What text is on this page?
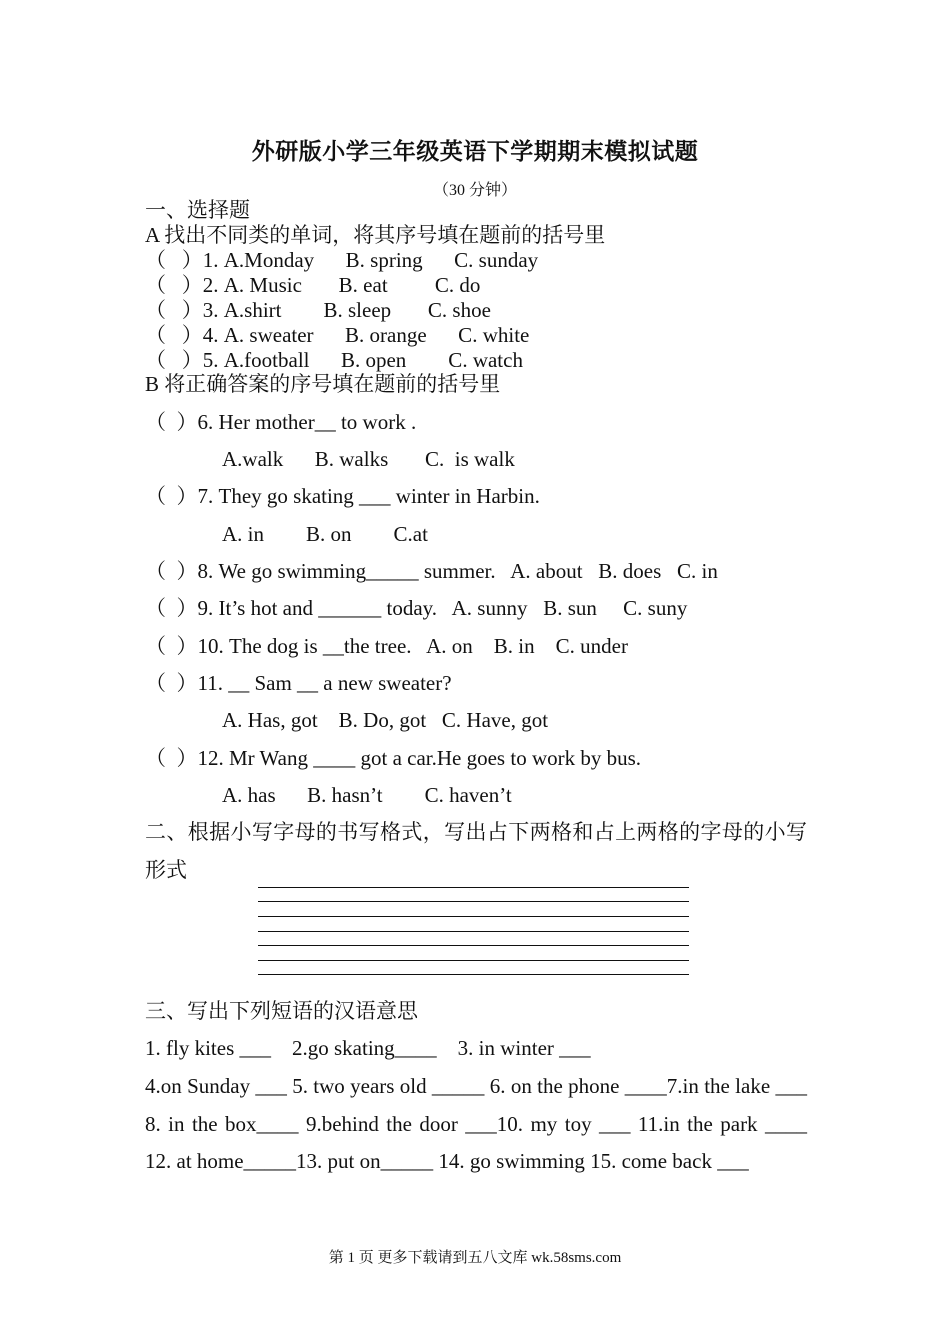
外研版小学三年级英语下学期期末模拟试题
（30 分钟）
一、选择题
A 找出不同类的单词，将其序号填在题前的括号里
（   ）1. A.Monday      B. spring      C. sunday
（   ）2. A. Music       B. eat         C. do
（   ）3. A.shirt        B. sleep       C. shoe
（   ）4. A. sweater      B. orange      C. white
（   ）5. A.football      B. open        C. watch
B 将正确答案的序号填在题前的括号里
（  ）6. Her mother__ to work .
A.walk      B. walks       C.  is walk
（  ）7. They go skating ___ winter in Harbin.
A. in        B. on        C.at
（  ）8. We go swimming_____ summer.   A. about   B. does   C. in
（  ）9. It’s hot and ______ today.   A. sunny   B. sun     C. suny
（  ）10. The dog is __the tree.   A. on    B. in    C. under
（  ）11. __ Sam __ a new sweater?
A. Has, got    B. Do, got   C. Have, got
（  ）12. Mr Wang ____ got a car.He goes to work by bus.
A. has      B. hasn’t        C. haven’t
二、根据小写字母的书写格式，写出占下两格和占上两格的字母的小写形式
三、写出下列短语的汉语意思
1. fly kites ___    2.go skating____    3. in winter ___
4.on Sunday ___ 5. two years old _____ 6. on the phone ____7.in the lake ___ 8. in the box____ 9.behind the door ___10. my toy ___ 11.in the park ____ 12. at home_____13. put on_____ 14. go swimming 15. come back ___
第 1 页 更多下载请到五八文库 wk.58sms.com
